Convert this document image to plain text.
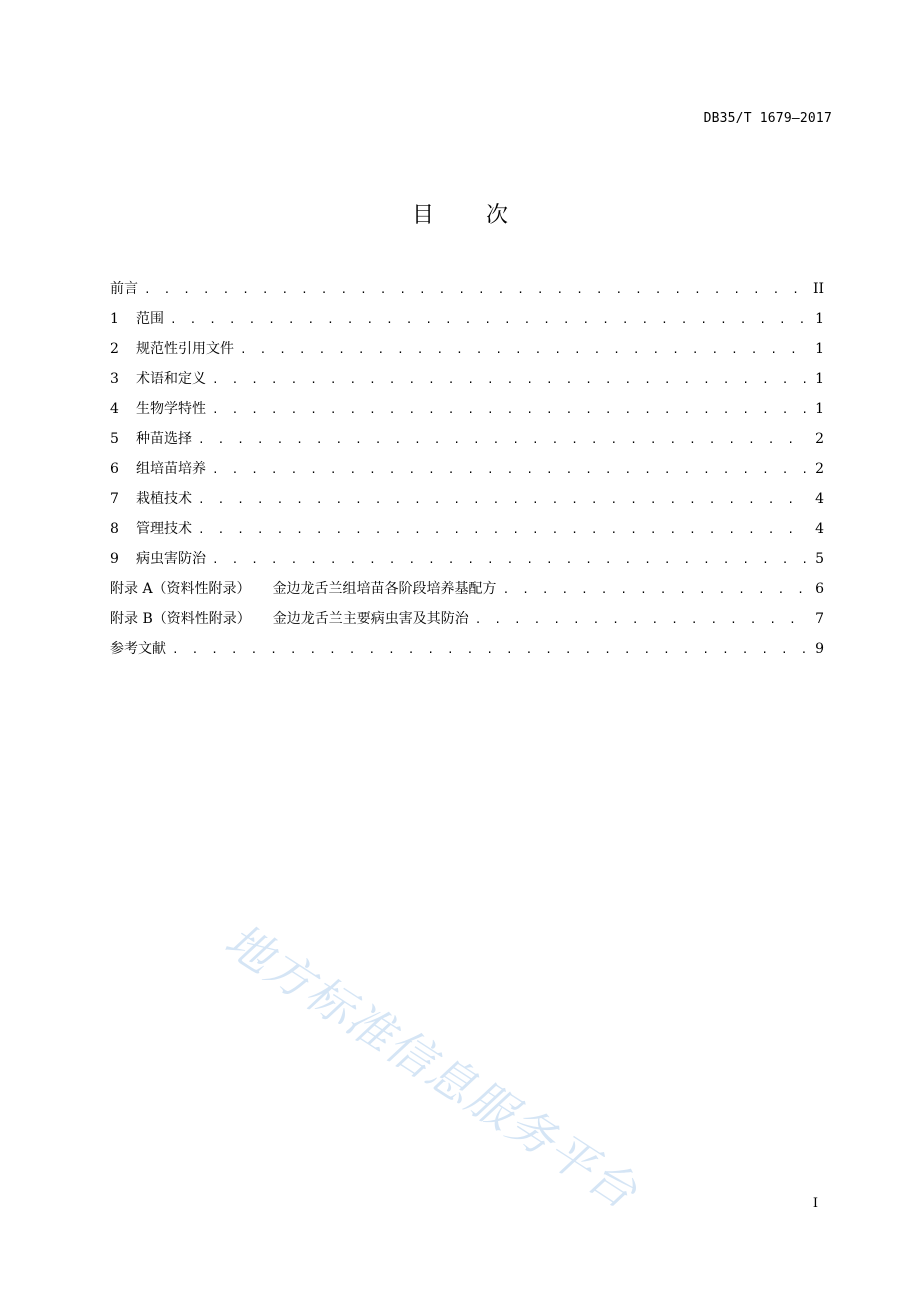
DB35/T 1679—2017
目 次
前言 . . .	II
1	范围 . . .	1
2	规范性引用文件 . . .	1
3	术语和定义 . . .	1
4	生物学特性 . . .	1
5	种苗选择 . . .	2
6	组培苗培养 . . .	2
7	栽植技术 . . .	4
8	管理技术 . . .	4
9	病虫害防治 . . .	5
附录 A（资料性附录） 金边龙舌兰组培苗各阶段培养基配方 . . .	6
附录 B（资料性附录） 金边龙舌兰主要病虫害及其防治 . . .	7
参考文献 . . .	9
地方标准信息服务平台	I
